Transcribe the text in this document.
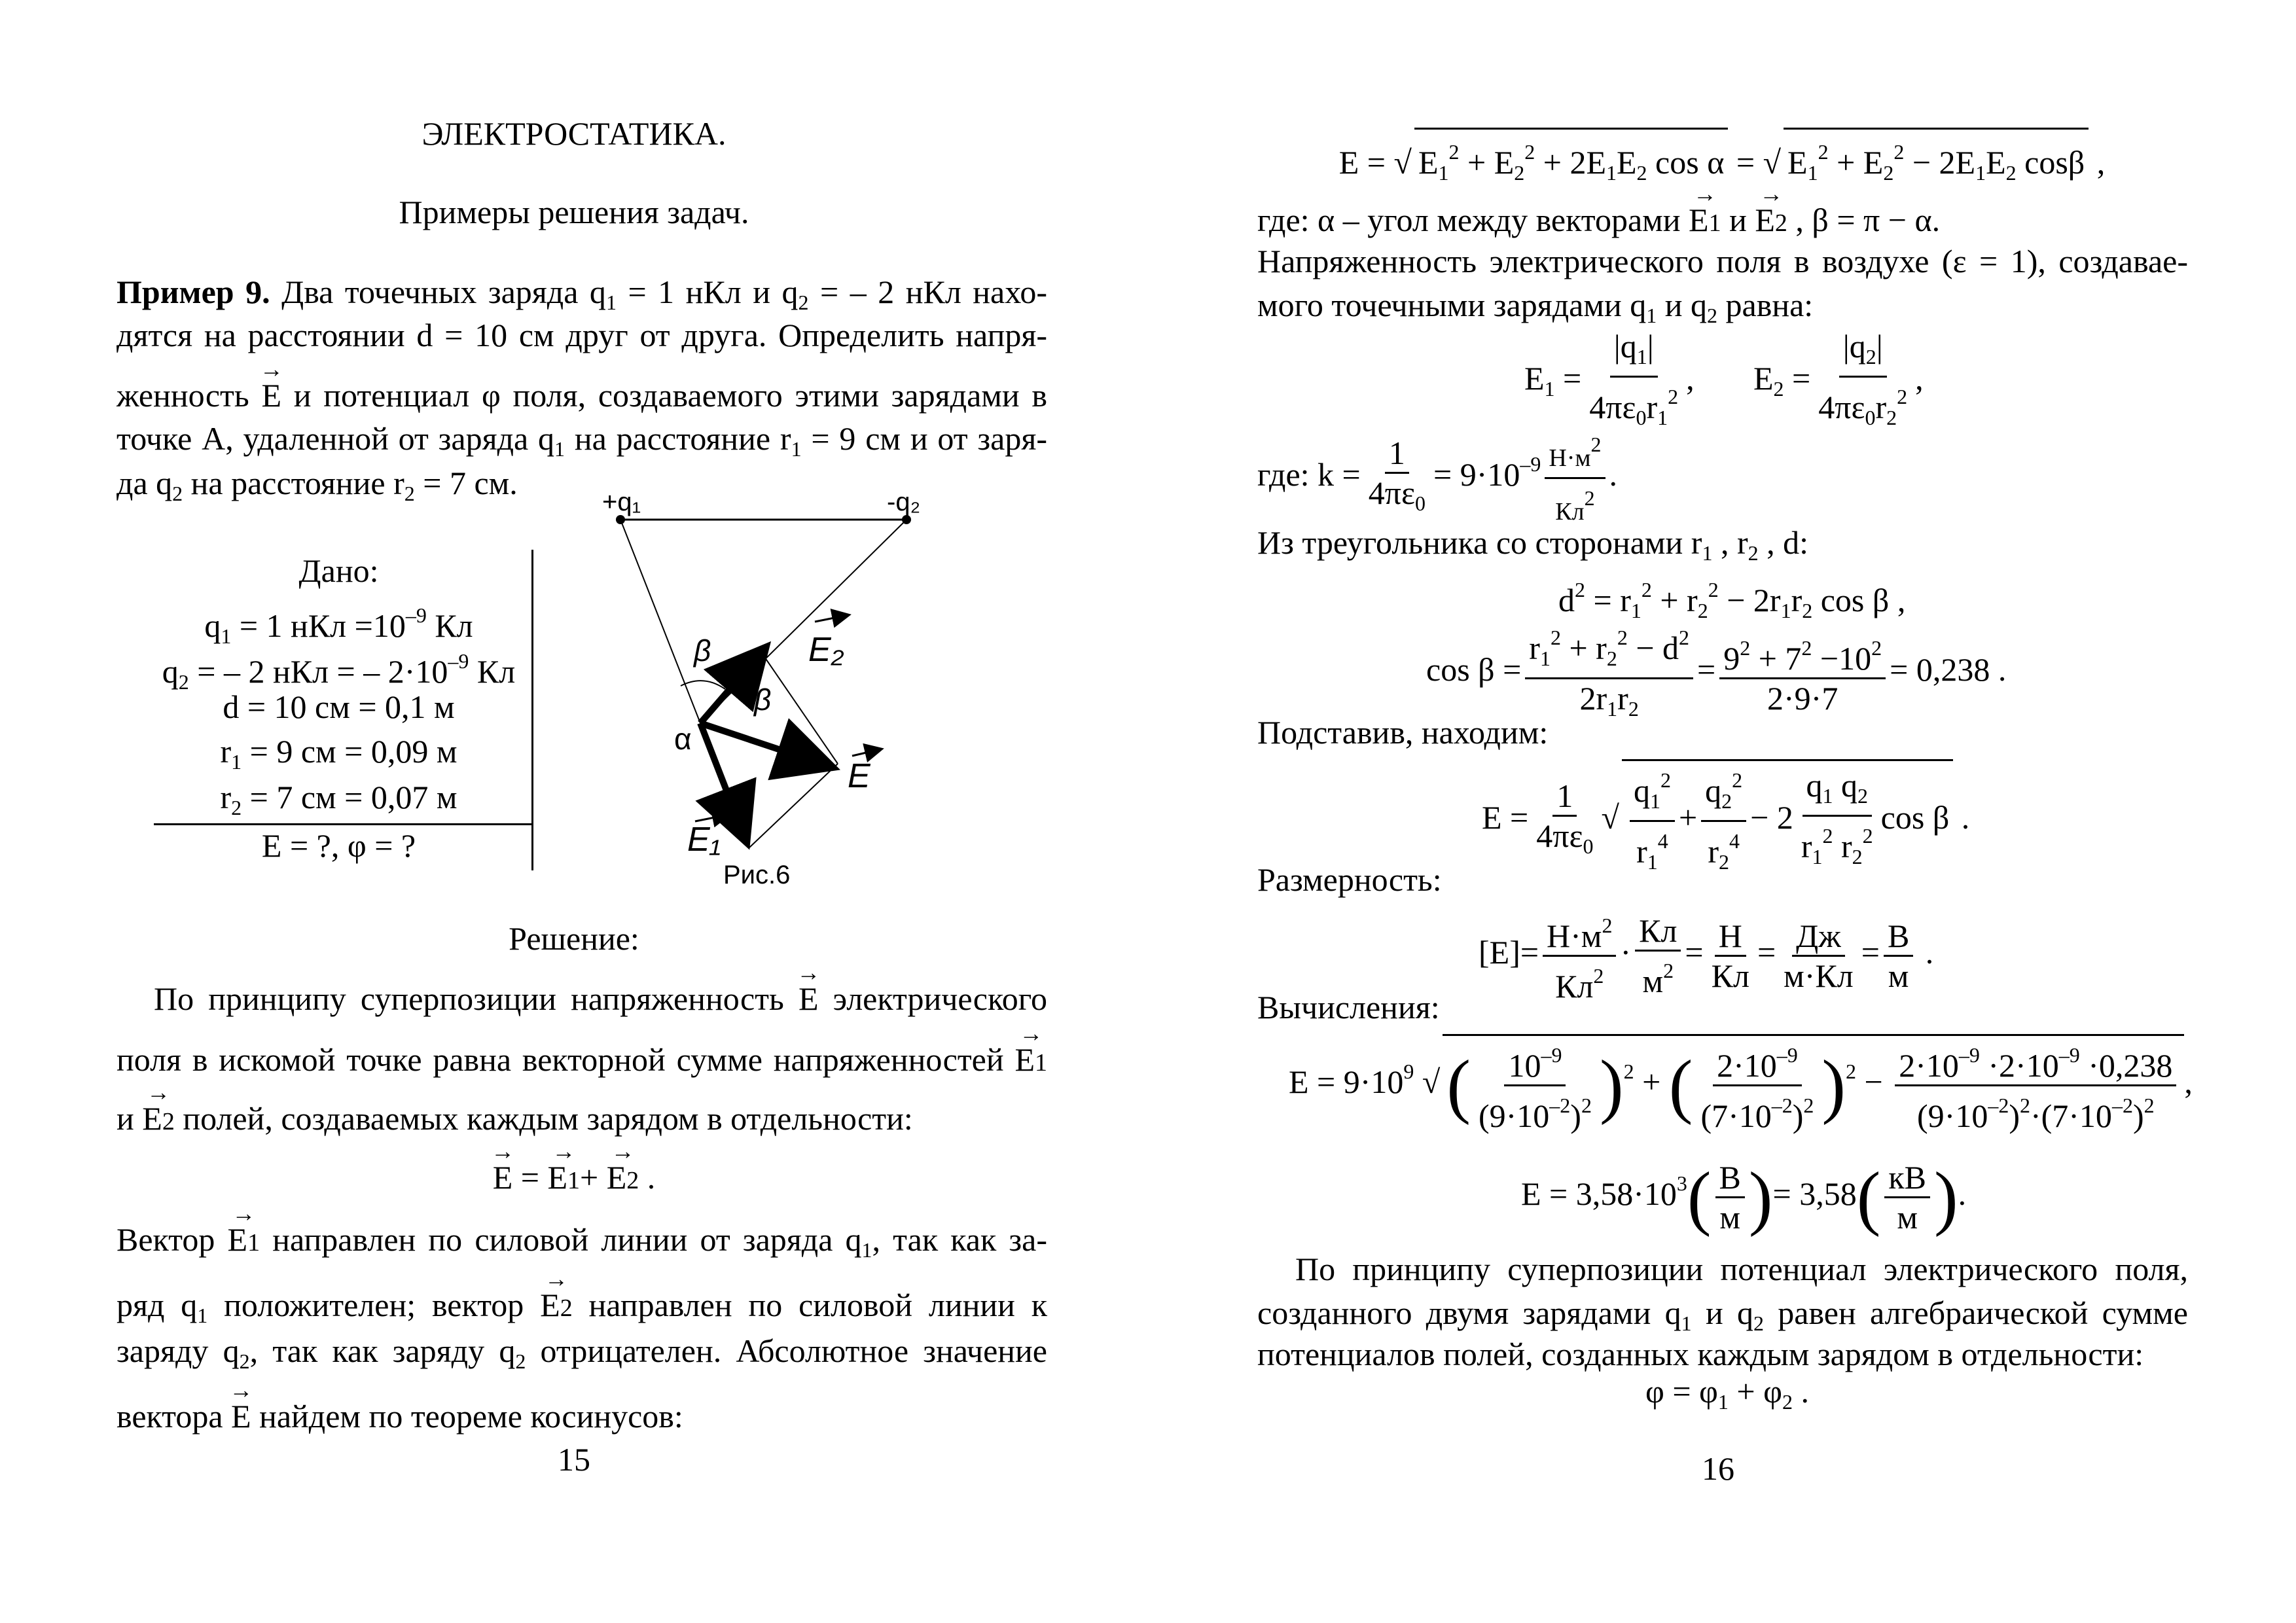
ЭЛЕКТРОСТАТИКА.
Примеры решения задач.
Пример 9. Два точечных заряда $q_1 = 1$ нКл и $q_2$ = – 2 нКл нахо-
дятся на расстоянии d = 10 см друг от друга. Определить напря-
женность → E и потенциал φ поля, создаваемого этими зарядами в
точке А, удаленной от заряда $q_1$ на расстояние $r_1 = 9$ см и от заря-
да $q_2$ на расстояние $r_2 = 7$ см.
Дано:
$q_1 = 1$ нКл $=10^{-9}$ Кл
$q_2$ = – 2 нКл = – $2\cdot 10^{-9}$ Кл
d = 10 см = 0,1 м
$r_1 = 9$ см = 0,09 м
$r_2 = 7$ см = 0,07 м
E = ?, φ = ?
+q₁	-q₂
β
β
α
E₂
E
E₁
Рис.6
Решение:
По принципу суперпозиции напряженность → E электрического
поля в искомой точке равна векторной сумме напряженностей → E1
и → E2 полей, создаваемых каждым зарядом в отдельности:
→ E = → E1+ → E2 .
Вектор → E1 направлен по силовой линии от заряда $q_1$, так как за-
ряд $q_1$ положителен; вектор → E2 направлен по силовой линии к
заряду $q_2$, так как заряду $q_2$ отрицателен. Абсолютное значение
вектора → E найдем по теореме косинусов:
15
E = √ $E_1^2 + E_2^2 + 2E_1E_2$ cos α = √ $E_1^2 + E_2^2 - 2E_1E_2$ cosβ ,
где: α – угол между векторами → E1 и → E2 , β = π − α.
Напряженность электрического поля в воздухе (ε = 1), создавае-
мого точечными зарядами $q_1$ и $q_2$ равна:
$E_1 = \frac{|q_1|}{4\pi\varepsilon_0r_1^2}$ , $E_2 = \frac{|q_2|}{4\pi\varepsilon_0r_2^2}$ ,
где: $k = \frac{1}{4\pi\varepsilon_0} = 9\cdot 10^{-9} \frac{Н\cdot м^2}{Кл^2}$ .
Из треугольника со сторонами $r_1$ , $r_2$ , d:
$d^2 = r_1^2 + r_2^2 - 2r_1r_2$ cos β ,
$\cos \beta = \frac{r_1^2 + r_2^2 - d^2}{2r_1r_2} = \frac{9^2 + 7^2 -10^2}{2\cdot 9\cdot 7} = 0,238$ .
Подставив, находим:
$E = \frac{1}{4\pi\varepsilon_0}$ √ $\frac{q_1^2}{r_1^4} + \frac{q_2^2}{r_2^4} - 2 \frac{q_1 q_2}{r_1^2 r_2^2}$ cos β .
Размерность:
$[E]= \frac{Н\cdot м^2}{Кл^2} \cdot \frac{Кл}{м^2} = \frac{Н}{Кл} = \frac{Дж}{м\cdot Кл} = \frac{В}{м}$ .
Вычисления:
$E = 9\cdot 10^9$ √( $\frac{10^{-9}}{(9\cdot 10^{-2})^2} )^2$ + ( $\frac{2\cdot 10^{-9}}{(7\cdot 10^{-2})^2} )^2 - \frac{2\cdot 10^{-9} \cdot 2\cdot 10^{-9} \cdot 0,238}{(9\cdot 10^{-2})^2\cdot(7\cdot 10^{-2})^2}$ ,
$E = 3,58\cdot 10^3( \frac{В}{м}$ )= $3,58( \frac{кВ}{м}$ ).
По принципу суперпозиции потенциал электрического поля,
созданного двумя зарядами $q_1$ и $q_2$ равен алгебраической сумме
потенциалов полей, созданных каждым зарядом в отдельности:
$\varphi = \varphi_1 + \varphi_2$ .
16
